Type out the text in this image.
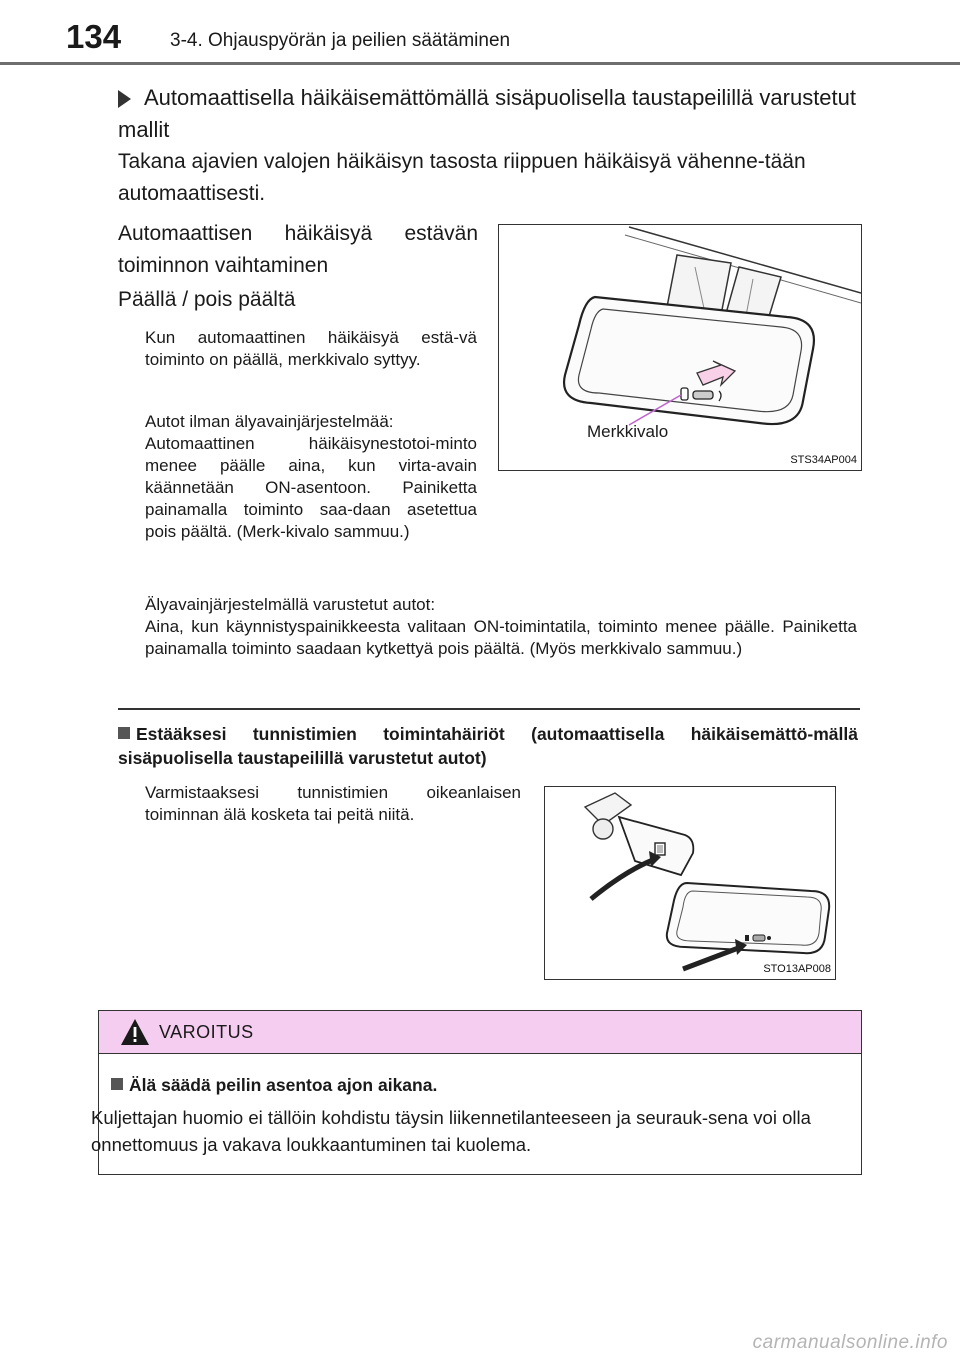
134	3-4. Ohjauspyörän ja peilien säätäminen
Automaattisella häikäisemättömällä sisäpuolisella taustapeilillä varustetut mallit
Takana ajavien valojen häikäisyn tasosta riippuen häikäisyä vähenne-tään automaattisesti.
Automaattisen häikäisyä estävän toiminnon vaihtaminen
Päällä / pois päältä
Kun automaattinen häikäisyä estä-vä toiminto on päällä, merkkivalo syttyy.
Autot ilman älyavainjärjestelmää:
Automaattinen häikäisynestotoi-minto menee päälle aina, kun virta-avain käännetään ON-asentoon. Painiketta painamalla toiminto saa-daan asetettua pois päältä. (Merk-kivalo sammuu.)
Älyavainjärjestelmällä varustetut autot:
Aina, kun käynnistyspainikkeesta valitaan ON-toimintatila, toiminto menee päälle. Painiketta painamalla toiminto saadaan kytkettyä pois päältä. (Myös merkkivalo sammuu.)
Merkkivalo
STS34AP004
Estääksesi tunnistimien toimintahäiriöt (automaattisella häikäisemättö-mällä sisäpuolisella taustapeilillä varustetut autot)
Varmistaaksesi tunnistimien oikeanlaisen toiminnan älä kosketa tai peitä niitä.
STO13AP008
VAROITUS
Älä säädä peilin asentoa ajon aikana.
Kuljettajan huomio ei tällöin kohdistu täysin liikennetilanteeseen ja seurauk-sena voi olla onnettomuus ja vakava loukkaantuminen tai kuolema.
carmanualsonline.info
